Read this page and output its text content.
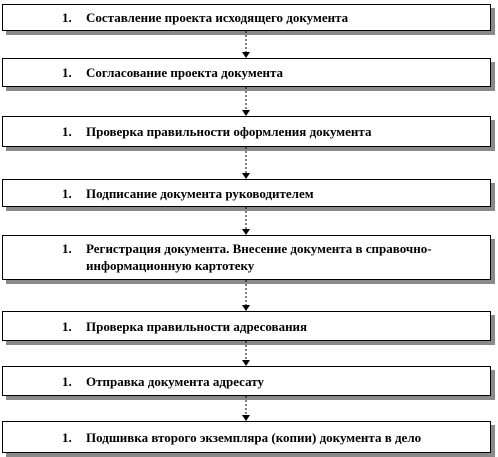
1. Составление проекта исходящего документа
1. Согласование проекта документа
1. Проверка правильности оформления документа
1. Подписание документа руководителем
1. Регистрация документа. Внесение документа в справочно-информационную картотеку
1. Проверка правильности адресования
1. Отправка документа адресату
1. Подшивка второго экземпляра (копии) документа в дело
